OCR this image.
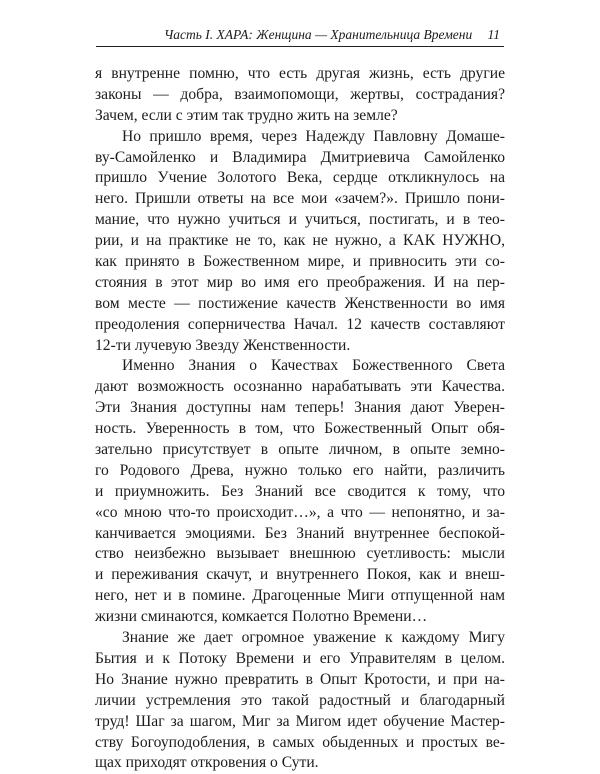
Часть I. ХАРА: Женщина — Хранительница Времени 11
я внутренне помню, что есть другая жизнь, есть другие
законы — добра, взаимопомощи, жертвы, сострадания?
Зачем, если с этим так трудно жить на земле?
Но пришло время, через Надежду Павловну Домаше-
ву-Самойленко и Владимира Дмитриевича Самойленко
пришло Учение Золотого Века, сердце откликнулось на
него. Пришли ответы на все мои «зачем?». Пришло пони-
мание, что нужно учиться и учиться, постигать, и в тео-
рии, и на практике не то, как не нужно, а КАК НУЖНО,
как принято в Божественном мире, и привносить эти со-
стояния в этот мир во имя его преображения. И на пер-
вом месте — постижение качеств Женственности во имя
преодоления соперничества Начал. 12 качеств составляют
12-ти лучевую Звезду Женственности.
Именно Знания о Качествах Божественного Света
дают возможность осознанно нарабатывать эти Качества.
Эти Знания доступны нам теперь! Знания дают Уверен-
ность. Уверенность в том, что Божественный Опыт обя-
зательно присутствует в опыте личном, в опыте земно-
го Родового Древа, нужно только его найти, различить
и приумножить. Без Знаний все сводится к тому, что
«со мною что-то происходит…», а что — непонятно, и за-
канчивается эмоциями. Без Знаний внутреннее беспокой-
ство неизбежно вызывает внешнюю суетливость: мысли
и переживания скачут, и внутреннего Покоя, как и внеш-
него, нет и в помине. Драгоценные Миги отпущенной нам
жизни сминаются, комкается Полотно Времени…
Знание же дает огромное уважение к каждому Мигу
Бытия и к Потоку Времени и его Управителям в целом.
Но Знание нужно превратить в Опыт Кротости, и при на-
личии устремления это такой радостный и благодарный
труд! Шаг за шагом, Миг за Мигом идет обучение Мастер-
ству Богоуподобления, в самых обыденных и простых ве-
щах приходят откровения о Сути.
